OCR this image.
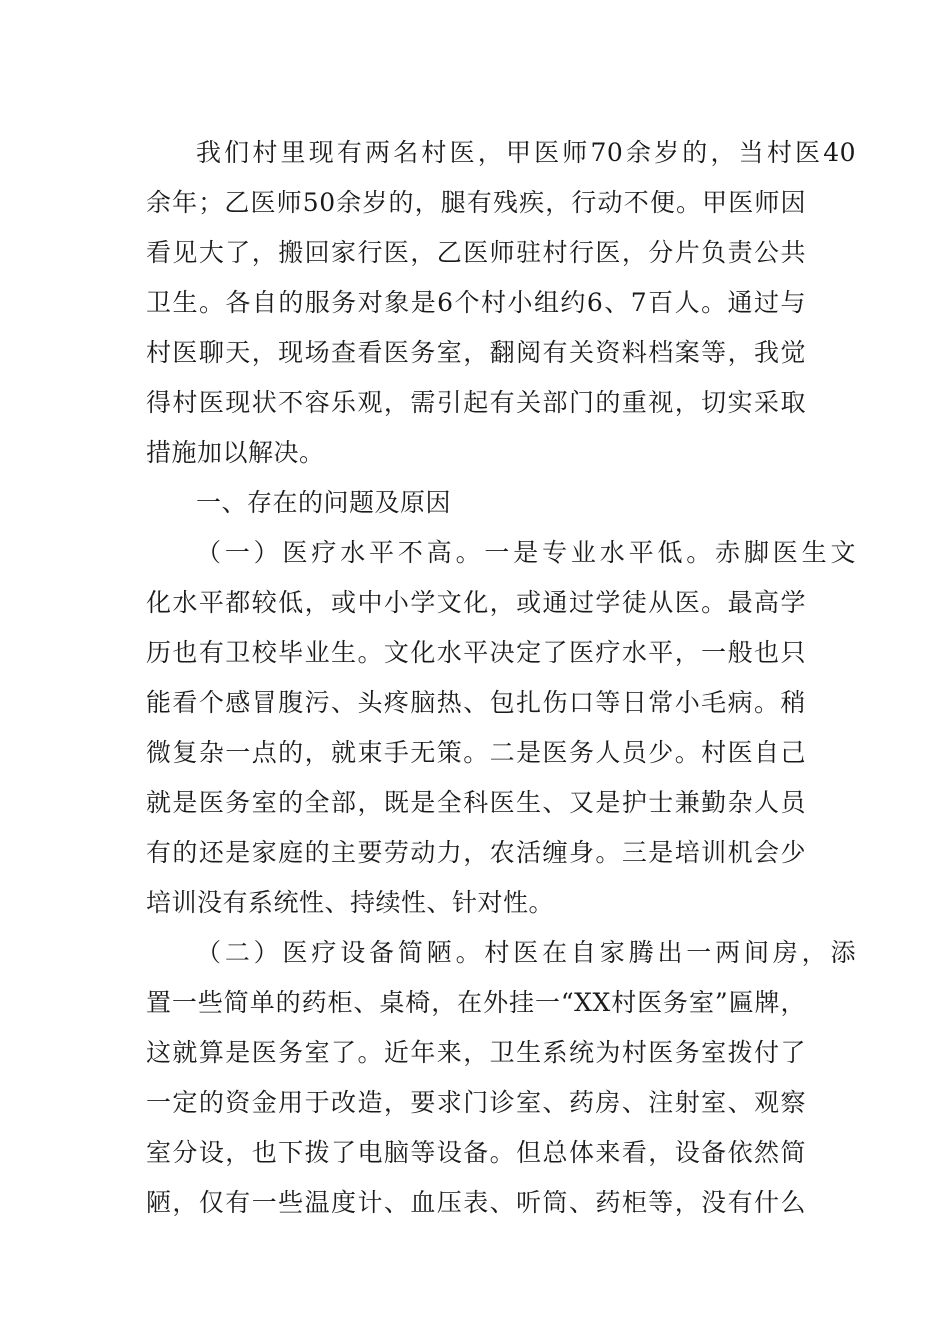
我们村里现有两名村医，甲医师70余岁的，当村医40
余年；乙医师50余岁的，腿有残疾，行动不便。甲医师因
看见大了，搬回家行医，乙医师驻村行医，分片负责公共
卫生。各自的服务对象是6个村小组约6、7百人。通过与
村医聊天，现场查看医务室，翻阅有关资料档案等，我觉
得村医现状不容乐观，需引起有关部门的重视，切实采取
措施加以解决。
一、存在的问题及原因
（一）医疗水平不高。一是专业水平低。赤脚医生文
化水平都较低，或中小学文化，或通过学徒从医。最高学
历也有卫校毕业生。文化水平决定了医疗水平，一般也只
能看个感冒腹污、头疼脑热、包扎伤口等日常小毛病。稍
微复杂一点的，就束手无策。二是医务人员少。村医自己
就是医务室的全部，既是全科医生、又是护士兼勤杂人员
有的还是家庭的主要劳动力，农活缠身。三是培训机会少
培训没有系统性、持续性、针对性。
（二）医疗设备简陋。村医在自家腾出一两间房，添
置一些简单的药柜、桌椅，在外挂一“XX村医务室”匾牌，
这就算是医务室了。近年来，卫生系统为村医务室拨付了
一定的资金用于改造，要求门诊室、药房、注射室、观察
室分设，也下拨了电脑等设备。但总体来看，设备依然简
陋，仅有一些温度计、血压表、听筒、药柜等，没有什么
